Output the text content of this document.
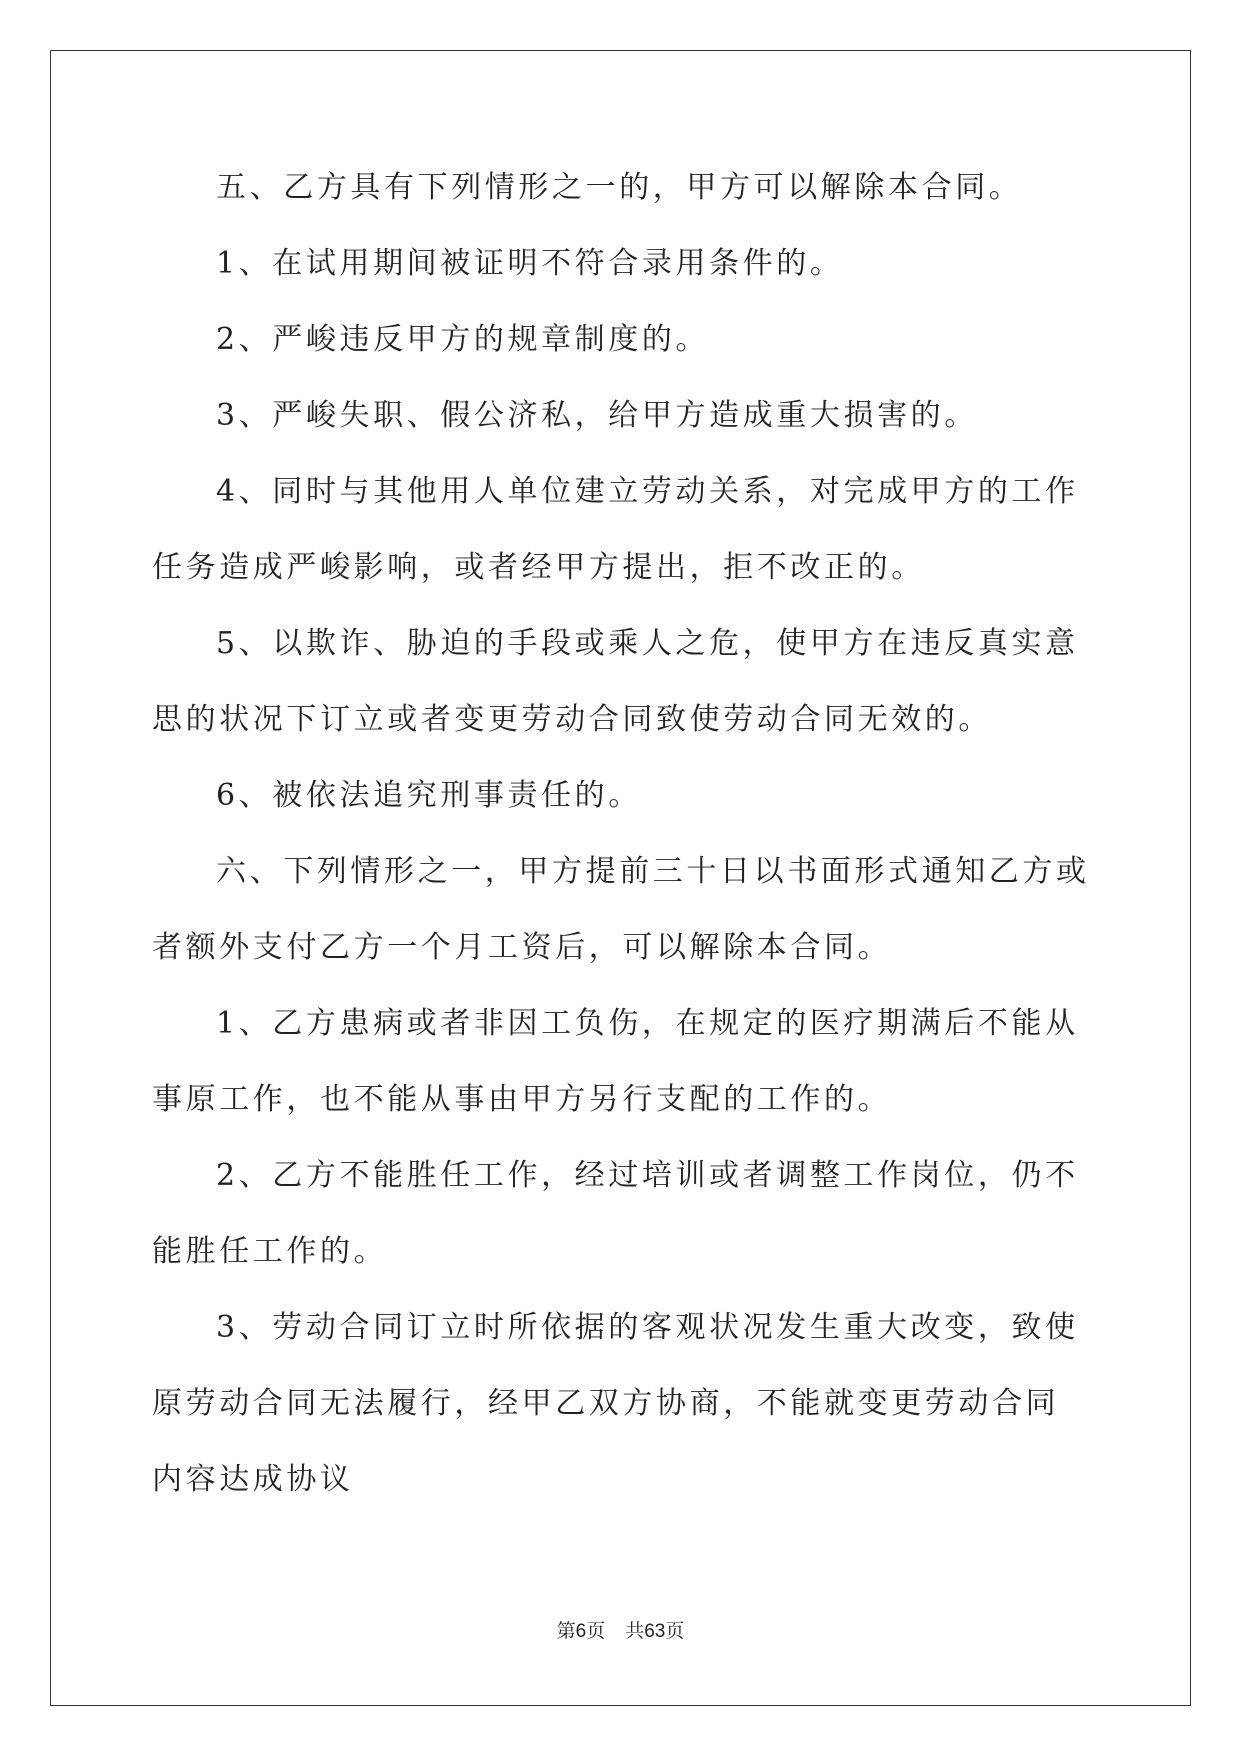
五、乙方具有下列情形之一的，甲方可以解除本合同。

1、在试用期间被证明不符合录用条件的。

2、严峻违反甲方的规章制度的。

3、严峻失职、假公济私，给甲方造成重大损害的。

4、同时与其他用人单位建立劳动关系，对完成甲方的工作任务造成严峻影响，或者经甲方提出，拒不改正的。

5、以欺诈、胁迫的手段或乘人之危，使甲方在违反真实意思的状况下订立或者变更劳动合同致使劳动合同无效的。

6、被依法追究刑事责任的。

六、下列情形之一，甲方提前三十日以书面形式通知乙方或者额外支付乙方一个月工资后，可以解除本合同。

1、乙方患病或者非因工负伤，在规定的医疗期满后不能从事原工作，也不能从事由甲方另行支配的工作的。

2、乙方不能胜任工作，经过培训或者调整工作岗位，仍不能胜任工作的。

3、劳动合同订立时所依据的客观状况发生重大改变，致使原劳动合同无法履行，经甲乙双方协商，不能就变更劳动合同内容达成协议

第6页 共63页
